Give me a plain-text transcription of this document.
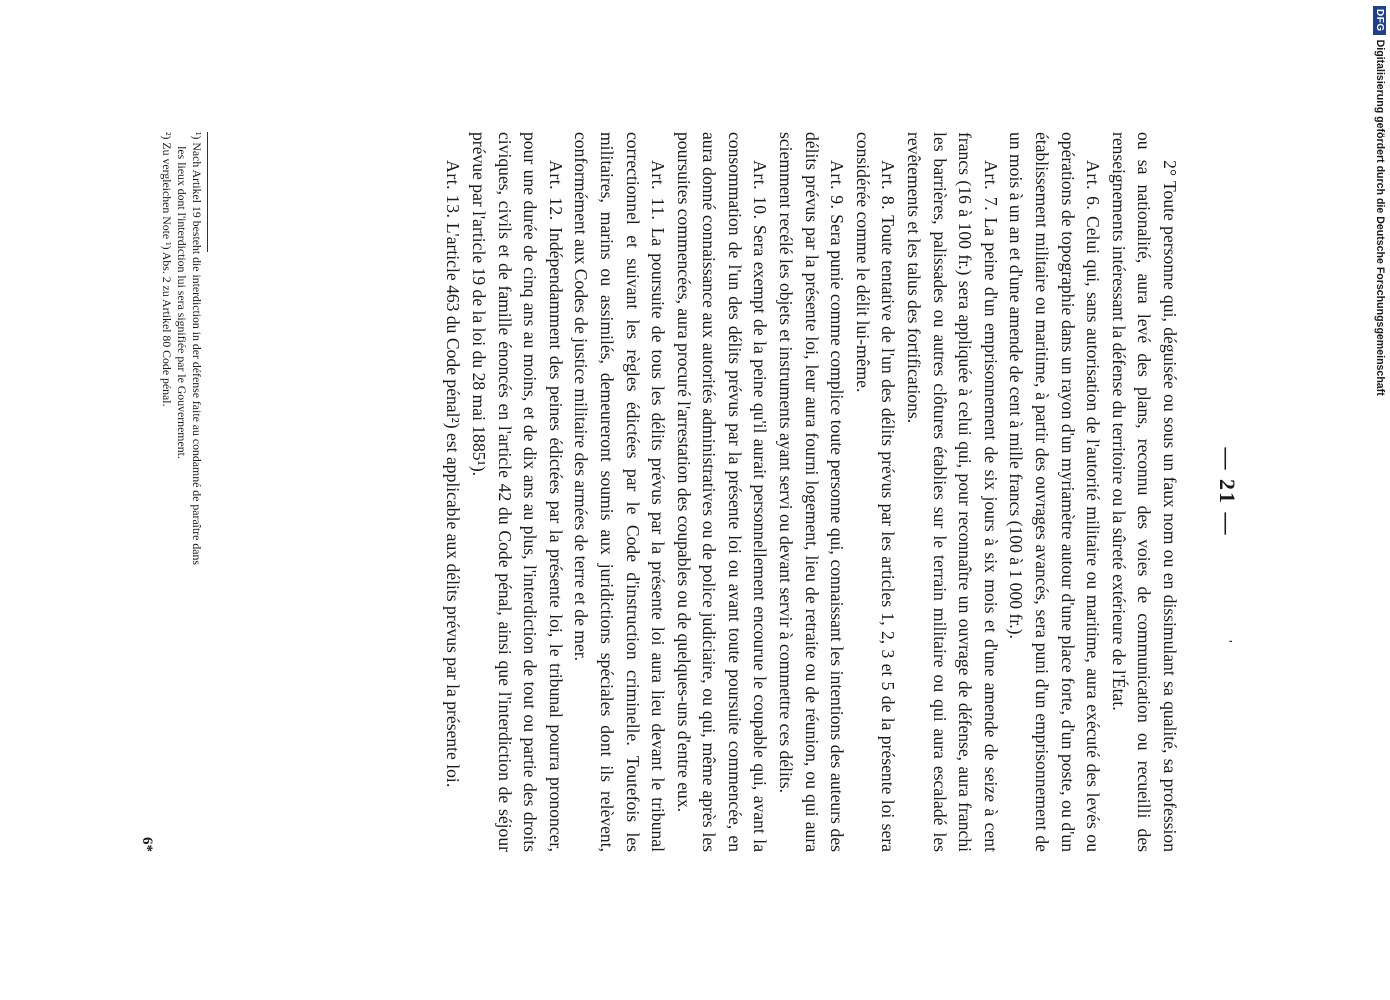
— 21 —
'

2° Toute personne qui, déguisée ou sous un faux nom ou en dissimulant sa qualité, sa profession ou sa nationalité, aura levé des plans, reconnu des voies de communication ou recueilli des renseignements intéressant la défense du territoire ou la sûreté extérieure de l'État.

Art. 6. Celui qui, sans autorisation de l'autorité militaire ou maritime, aura exécuté des levés ou opérations de topographie dans un rayon d'un myriamètre autour d'une place forte, d'un poste, ou d'un établissement militaire ou maritime, à partir des ouvrages avancés, sera puni d'un emprisonnement de un mois à un an et d'une amende de cent à mille francs (100 à 1 000 fr.).

Art. 7. La peine d'un emprisonnement de six jours à six mois et d'une amende de seize à cent francs (16 à 100 fr.) sera appliquée à celui qui, pour reconnaître un ouvrage de défense, aura franchi les barrières, palissades ou autres clôtures établies sur le terrain militaire ou qui aura escaladé les revêtements et les talus des fortifications.

Art. 8. Toute tentative de l'un des délits prévus par les articles 1, 2, 3 et 5 de la présente loi sera considérée comme le délit lui-même.

Art. 9. Sera punie comme complice toute personne qui, connaissant les intentions des auteurs des délits prévus par la présente loi, leur aura fourni logement, lieu de retraite ou de réunion, ou qui aura sciemment recélé les objets et instruments ayant servi ou devant servir à commettre ces délits.

Art. 10. Sera exempt de la peine qu'il aurait personnellement encourue le coupable qui, avant la consommation de l'un des délits prévus par la présente loi ou avant toute poursuite commencée, en aura donné connaissance aux autorités administratives ou de police judiciaire, ou qui, même après les poursuites commencées, aura procuré l'arrestation des coupables ou de quelques-uns d'entre eux.

Art. 11. La poursuite de tous les délits prévus par la présente loi aura lieu devant le tribunal correctionnel et suivant les règles édictées par le Code d'instruction criminelle. Toutefois les militaires, marins ou assimilés, demeureront soumis aux juridictions spéciales dont ils relèvent, conformément aux Codes de justice militaire des armées de terre et de mer.

Art. 12. Indépendamment des peines édictées par la présente loi, le tribunal pourra prononcer, pour une durée de cinq ans au moins, et de dix ans au plus, l'interdiction de tout ou partie des droits civiques, civils et de famille énoncés en l'article 42 du Code pénal, ainsi que l'interdiction de séjour prévue par l'article 19 de la loi du 28 mai 1885¹).

Art. 13. L'article 463 du Code pénal²) est applicable aux délits prévus par la présente loi.

¹) Nach Artikel 19 besteht die interdiction in der défense faite au condamné de paraître dans

les lieux dont l'interdiction lui sera signifiée par le Gouvernement.

²) Zu vergleichen Note ¹) Abs. 2 zu Artikel 80 Code pénal.

6*
DFG
Digitalisierung gefördert durch die Deutsche Forschungsgemeinschaft
